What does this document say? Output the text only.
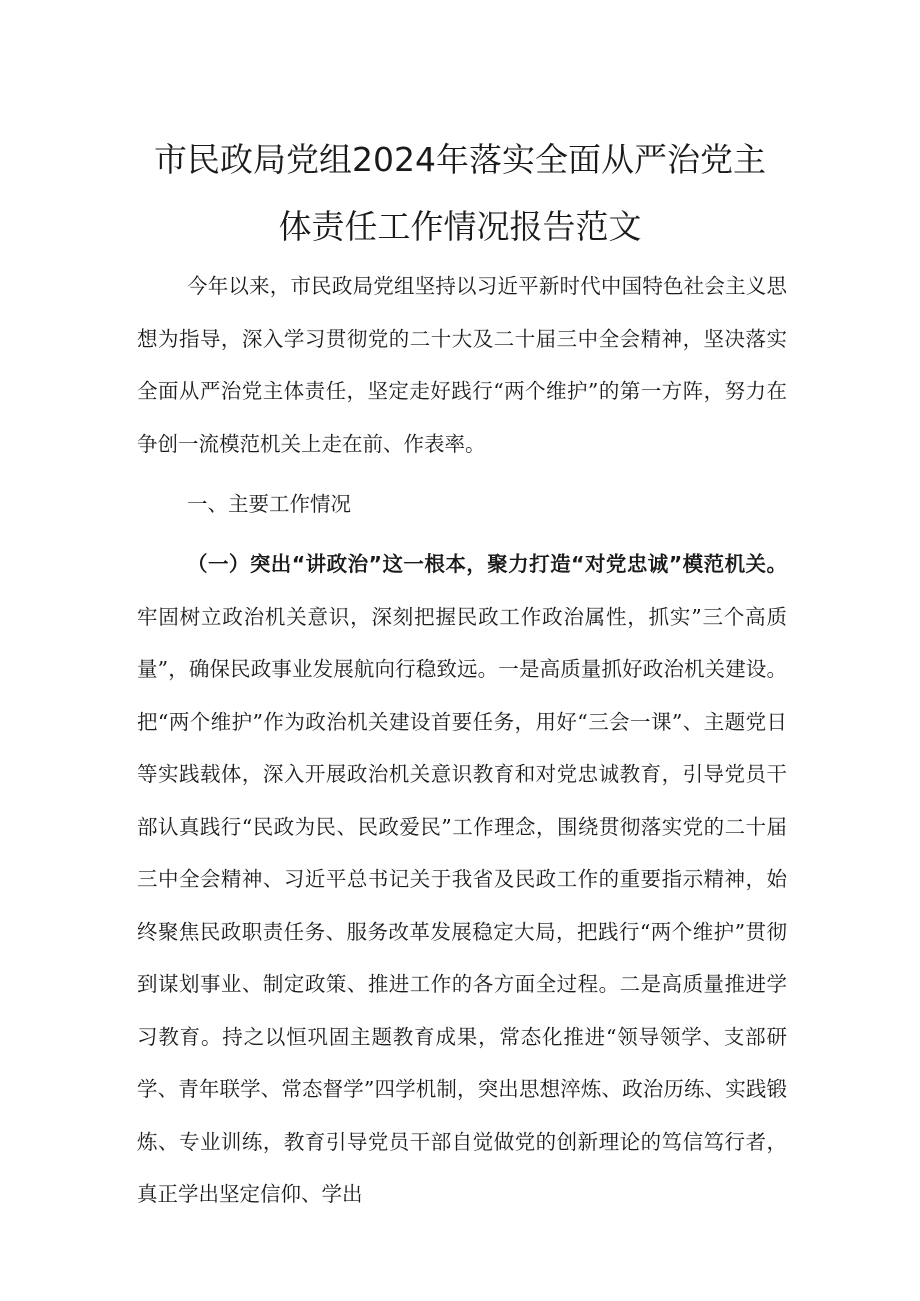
市民政局党组2024年落实全面从严治党主
体责任工作情况报告范文

今年以来，市民政局党组坚持以习近平新时代中国特色社会主义思想为指导，深入学习贯彻党的二十大及二十届三中全会精神，坚决落实全面从严治党主体责任，坚定走好践行“两个维护”的第一方阵，努力在争创一流模范机关上走在前、作表率。

一、主要工作情况

（一）突出“讲政治”这一根本，聚力打造“对党忠诚”模范机关。牢固树立政治机关意识，深刻把握民政工作政治属性，抓实”三个高质量”，确保民政事业发展航向行稳致远。一是高质量抓好政治机关建设。把“两个维护”作为政治机关建设首要任务，用好“三会一课”、主题党日等实践载体，深入开展政治机关意识教育和对党忠诚教育，引导党员干部认真践行“民政为民、民政爱民”工作理念，围绕贯彻落实党的二十届三中全会精神、习近平总书记关于我省及民政工作的重要指示精神，始终聚焦民政职责任务、服务改革发展稳定大局，把践行“两个维护”贯彻到谋划事业、制定政策、推进工作的各方面全过程。二是高质量推进学习教育。持之以恒巩固主题教育成果，常态化推进“领导领学、支部研学、青年联学、常态督学”四学机制，突出思想淬炼、政治历练、实践锻炼、专业训练，教育引导党员干部自觉做党的创新理论的笃信笃行者，真正学出坚定信仰、学出
